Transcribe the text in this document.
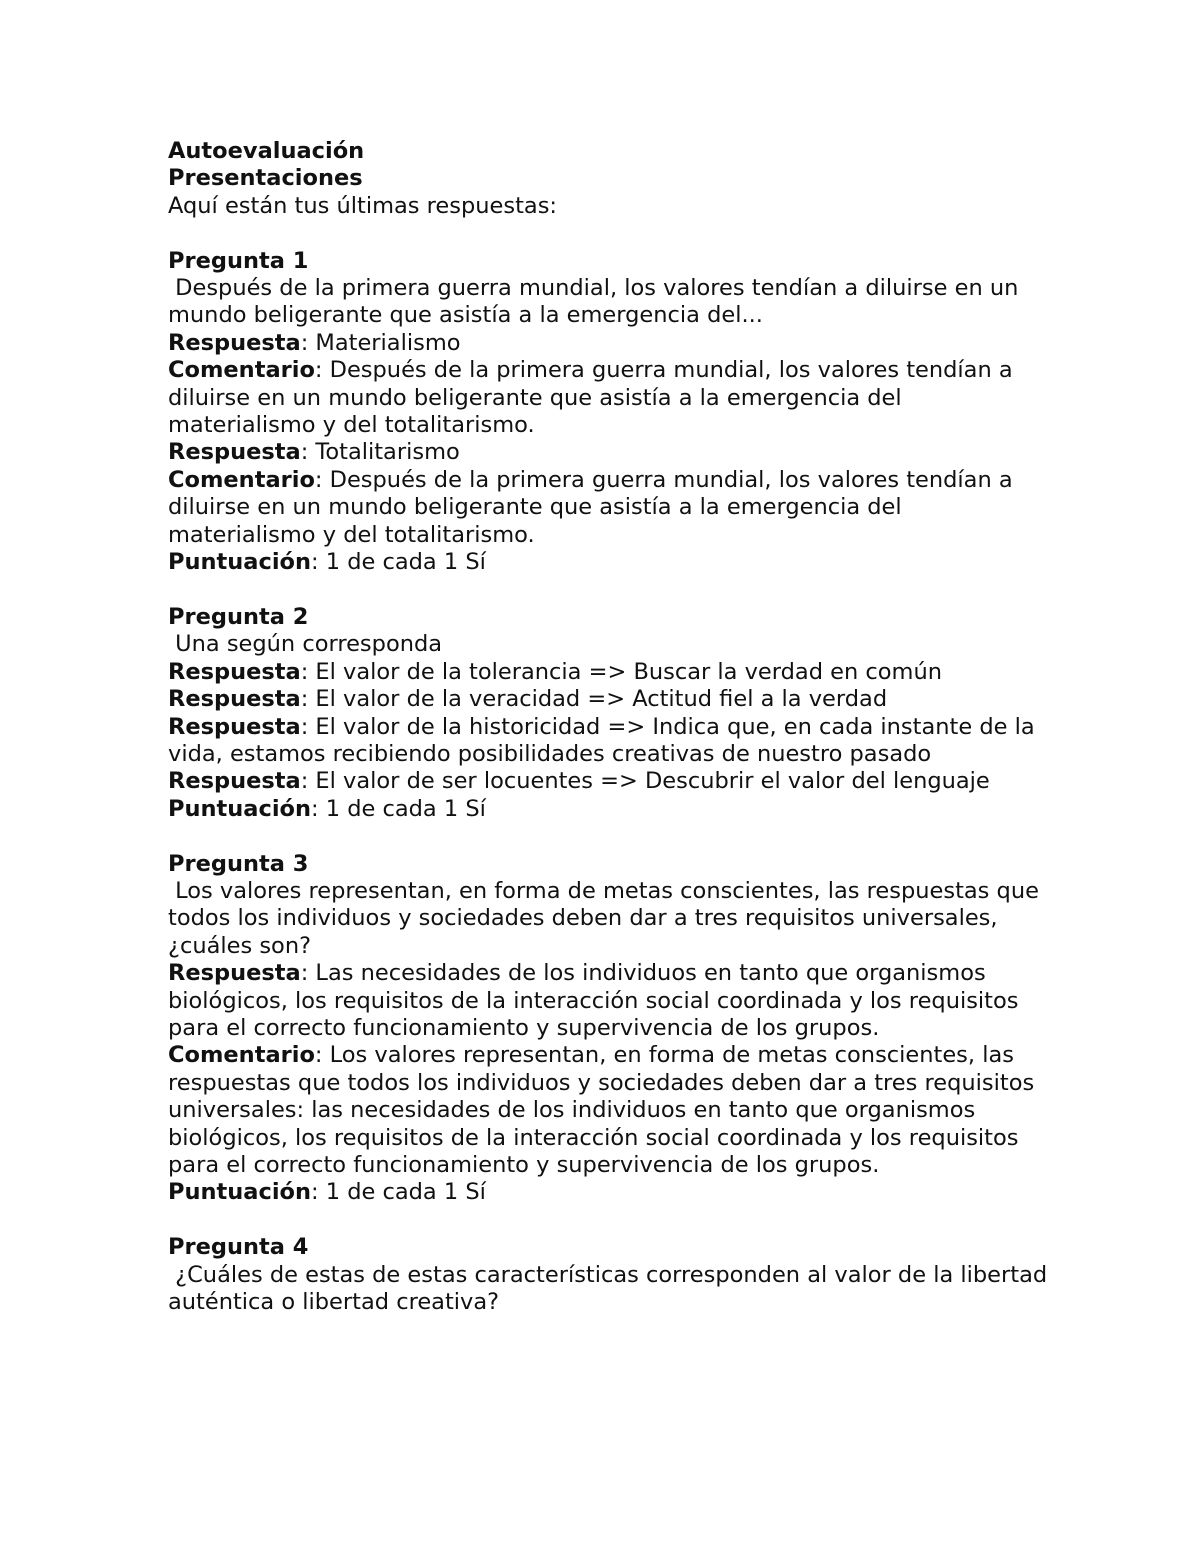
Autoevaluación
Presentaciones
Aquí están tus últimas respuestas:
Pregunta 1
Después de la primera guerra mundial, los valores tendían a diluirse en un mundo beligerante que asistía a la emergencia del...
Respuesta: Materialismo
Comentario: Después de la primera guerra mundial, los valores tendían a diluirse en un mundo beligerante que asistía a la emergencia del materialismo y del totalitarismo.
Respuesta: Totalitarismo
Comentario: Después de la primera guerra mundial, los valores tendían a diluirse en un mundo beligerante que asistía a la emergencia del materialismo y del totalitarismo.
Puntuación: 1 de cada 1 Sí
Pregunta 2
Una según corresponda
Respuesta: El valor de la tolerancia => Buscar la verdad en común
Respuesta: El valor de la veracidad => Actitud fiel a la verdad
Respuesta: El valor de la historicidad => Indica que, en cada instante de la vida, estamos recibiendo posibilidades creativas de nuestro pasado
Respuesta: El valor de ser locuentes => Descubrir el valor del lenguaje
Puntuación: 1 de cada 1 Sí
Pregunta 3
Los valores representan, en forma de metas conscientes, las respuestas que todos los individuos y sociedades deben dar a tres requisitos universales, ¿cuáles son?
Respuesta: Las necesidades de los individuos en tanto que organismos biológicos, los requisitos de la interacción social coordinada y los requisitos para el correcto funcionamiento y supervivencia de los grupos.
Comentario: Los valores representan, en forma de metas conscientes, las respuestas que todos los individuos y sociedades deben dar a tres requisitos universales: las necesidades de los individuos en tanto que organismos biológicos, los requisitos de la interacción social coordinada y los requisitos para el correcto funcionamiento y supervivencia de los grupos.
Puntuación: 1 de cada 1 Sí
Pregunta 4
¿Cuáles de estas de estas características corresponden al valor de la libertad auténtica o libertad creativa?
